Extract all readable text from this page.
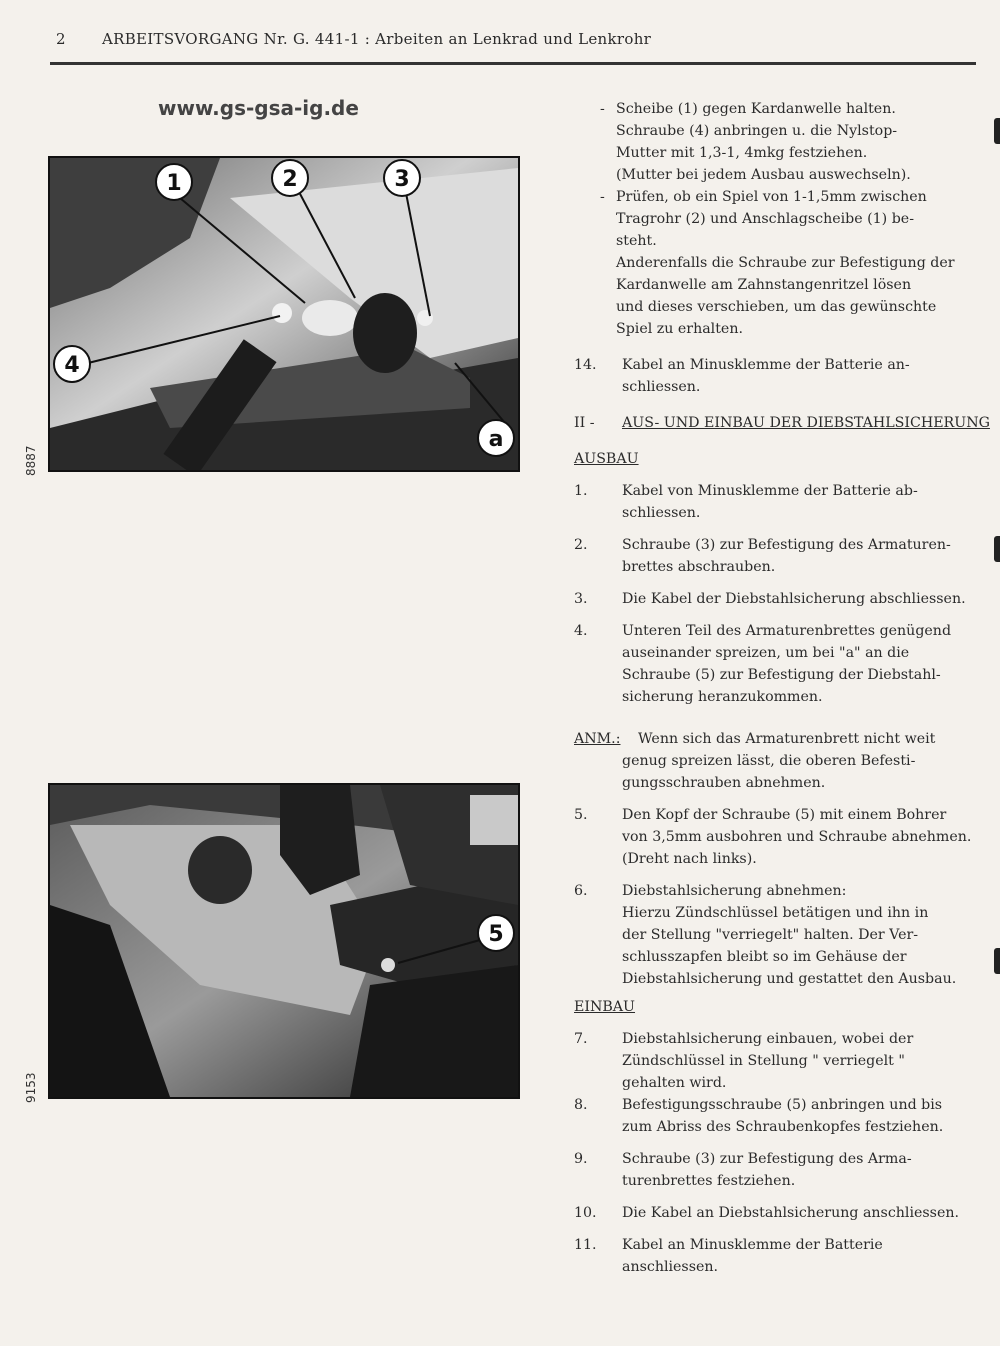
2 ARBEITSVORGANG Nr. G. 441-1 : Arbeiten an Lenkrad und Lenkrohr
www.gs-gsa-ig.de
1	2	3
4
a
8887
5
9153
- Scheibe (1) gegen Kardanwelle halten.
Schraube (4) anbringen u. die Nylstop-
Mutter mit 1,3-1, 4mkg festziehen.
(Mutter bei jedem Ausbau auswechseln).
- Prüfen, ob ein Spiel von 1-1,5mm zwischen
Tragrohr (2) und Anschlagscheibe (1) be-
steht.
Anderenfalls die Schraube zur Befestigung der
Kardanwelle am Zahnstangenritzel lösen
und dieses verschieben, um das gewünschte
Spiel zu erhalten.
14.	Kabel an Minusklemme der Batterie an-
schliessen.
II -	AUS- UND EINBAU DER DIEBSTAHLSICHERUNG
AUSBAU
1.	Kabel von Minusklemme der Batterie ab-
schliessen.
2.	Schraube (3) zur Befestigung des Armaturen-
brettes abschrauben.
3.	Die Kabel der Diebstahlsicherung abschliessen.
4.	Unteren Teil des Armaturenbrettes genügend
auseinander spreizen, um bei "a" an die
Schraube (5) zur Befestigung der Diebstahl-
sicherung heranzukommen.
ANM.:	Wenn sich das Armaturenbrett nicht weit
genug spreizen lässt, die oberen Befesti-
gungsschrauben abnehmen.
5.	Den Kopf der Schraube (5) mit einem Bohrer
von 3,5mm ausbohren und Schraube abnehmen.
(Dreht nach links).
6.	Diebstahlsicherung abnehmen:
Hierzu Zündschlüssel betätigen und ihn in
der Stellung "verriegelt" halten. Der Ver-
schlusszapfen bleibt so im Gehäuse der
Diebstahlsicherung und gestattet den Ausbau.
EINBAU
7.	Diebstahlsicherung einbauen, wobei der
Zündschlüssel in Stellung " verriegelt "
gehalten wird.
8.	Befestigungsschraube (5) anbringen und bis
zum Abriss des Schraubenkopfes festziehen.
9.	Schraube (3) zur Befestigung des Arma-
turenbrettes festziehen.
10.	Die Kabel an Diebstahlsicherung anschliessen.
11.	Kabel an Minusklemme der Batterie
anschliessen.
